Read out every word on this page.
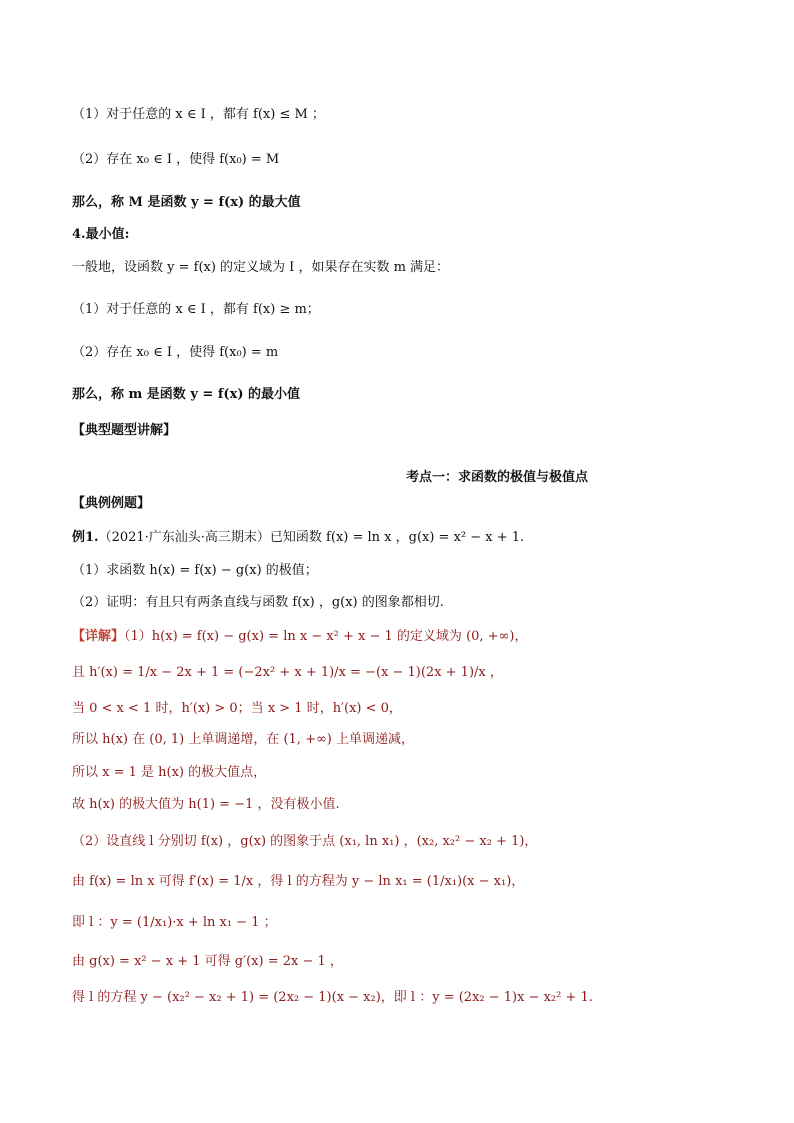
（1）对于任意的 x ∈ I ，都有 f(x) ≤ M ；
（2）存在 x₀ ∈ I ，使得 f(x₀) = M
那么，称 M 是函数 y = f(x) 的最大值
4.最小值:
一般地，设函数 y = f(x) 的定义域为 I ，如果存在实数 m 满足：
（1）对于任意的 x ∈ I ，都有 f(x) ≥ m；
（2）存在 x₀ ∈ I ，使得 f(x₀) = m
那么，称 m 是函数 y = f(x) 的最小值
【典型题型讲解】
考点一：求函数的极值与极值点
【典例例题】
例1.（2021·广东汕头·高三期末）已知函数 f(x) = ln x ，g(x) = x² − x + 1.
（1）求函数 h(x) = f(x) − g(x) 的极值；
（2）证明：有且只有两条直线与函数 f(x) ，g(x) 的图象都相切.
【详解】（1）h(x) = f(x) − g(x) = ln x − x² + x − 1 的定义域为 (0, +∞)，
且 h′(x) = 1/x − 2x + 1 = (−2x² + x + 1)/x = −(x − 1)(2x + 1)/x ，
当 0 < x < 1 时，h′(x) > 0；当 x > 1 时，h′(x) < 0，
所以 h(x) 在 (0, 1) 上单调递增，在 (1, +∞) 上单调递减，
所以 x = 1 是 h(x) 的极大值点，
故 h(x) 的极大值为 h(1) = −1 ，没有极小值.
（2）设直线 l 分别切 f(x) ，g(x) 的图象于点 (x₁, ln x₁) ，(x₂, x₂² − x₂ + 1)，
由 f(x) = ln x 可得 f′(x) = 1/x ，得 l 的方程为 y − ln x₁ = (1/x₁)(x − x₁)，
即 l ：y = (1/x₁)·x + ln x₁ − 1 ；
由 g(x) = x² − x + 1 可得 g′(x) = 2x − 1 ，
得 l 的方程 y − (x₂² − x₂ + 1) = (2x₂ − 1)(x − x₂)，即 l ：y = (2x₂ − 1)x − x₂² + 1.
